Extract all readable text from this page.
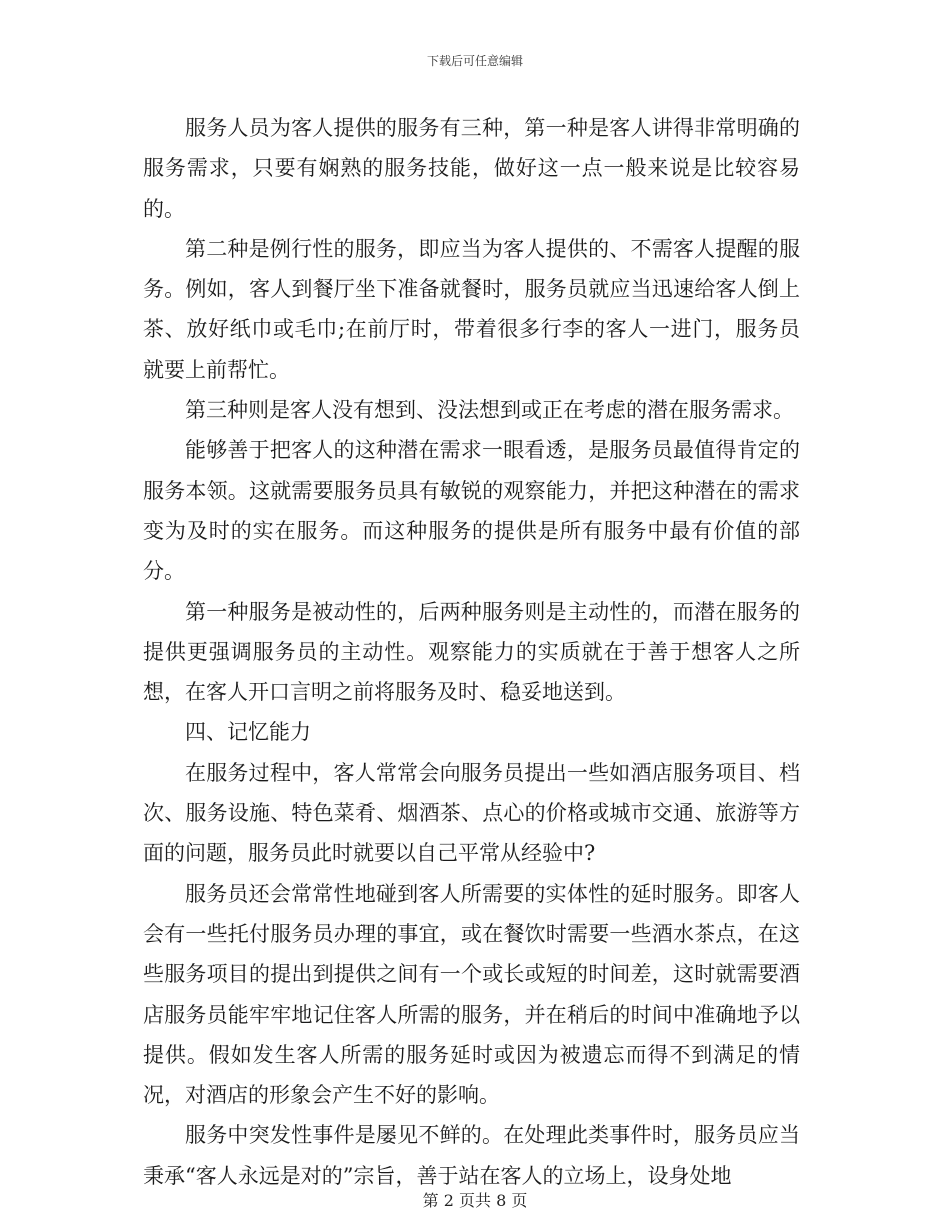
下载后可任意编辑

服务人员为客人提供的服务有三种，第一种是客人讲得非常明确的服务需求，只要有娴熟的服务技能，做好这一点一般来说是比较容易的。

第二种是例行性的服务，即应当为客人提供的、不需客人提醒的服务。例如，客人到餐厅坐下准备就餐时，服务员就应当迅速给客人倒上茶、放好纸巾或毛巾;在前厅时，带着很多行李的客人一进门，服务员就要上前帮忙。

第三种则是客人没有想到、没法想到或正在考虑的潜在服务需求。

能够善于把客人的这种潜在需求一眼看透，是服务员最值得肯定的服务本领。这就需要服务员具有敏锐的观察能力，并把这种潜在的需求变为及时的实在服务。而这种服务的提供是所有服务中最有价值的部分。

第一种服务是被动性的，后两种服务则是主动性的，而潜在服务的提供更强调服务员的主动性。观察能力的实质就在于善于想客人之所想，在客人开口言明之前将服务及时、稳妥地送到。

四、记忆能力

在服务过程中，客人常常会向服务员提出一些如酒店服务项目、档次、服务设施、特色菜肴、烟酒茶、点心的价格或城市交通、旅游等方面的问题，服务员此时就要以自己平常从经验中?

服务员还会常常性地碰到客人所需要的实体性的延时服务。即客人会有一些托付服务员办理的事宜，或在餐饮时需要一些酒水茶点，在这些服务项目的提出到提供之间有一个或长或短的时间差，这时就需要酒店服务员能牢牢地记住客人所需的服务，并在稍后的时间中准确地予以提供。假如发生客人所需的服务延时或因为被遗忘而得不到满足的情况，对酒店的形象会产生不好的影响。

服务中突发性事件是屡见不鲜的。在处理此类事件时，服务员应当秉承“客人永远是对的”宗旨，善于站在客人的立场上，设身处地

第 2 页共 8 页
